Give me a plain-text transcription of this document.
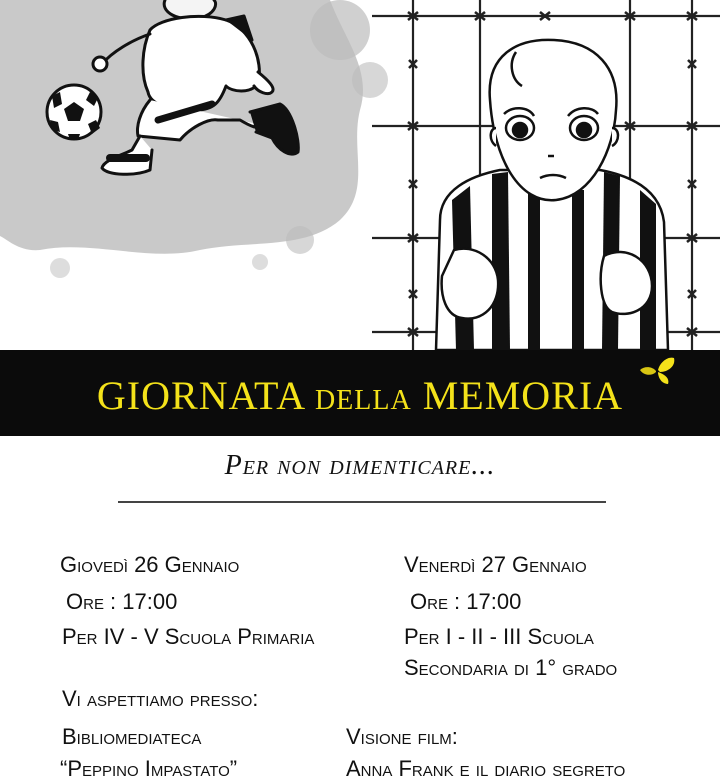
GIORNATA DELLA MEMORIA
Per non dimenticare...
Giovedì 26 Gennaio
Ore : 17:00
Per IV - V Scuola Primaria
Venerdì 27 Gennaio
Ore : 17:00
Per I - II - III Scuola
Secondaria di 1° grado
Vi aspettiamo presso:
Bibliomediateca
“Peppino Impastato”
Visione film:
Anna Frank e il diario segreto
